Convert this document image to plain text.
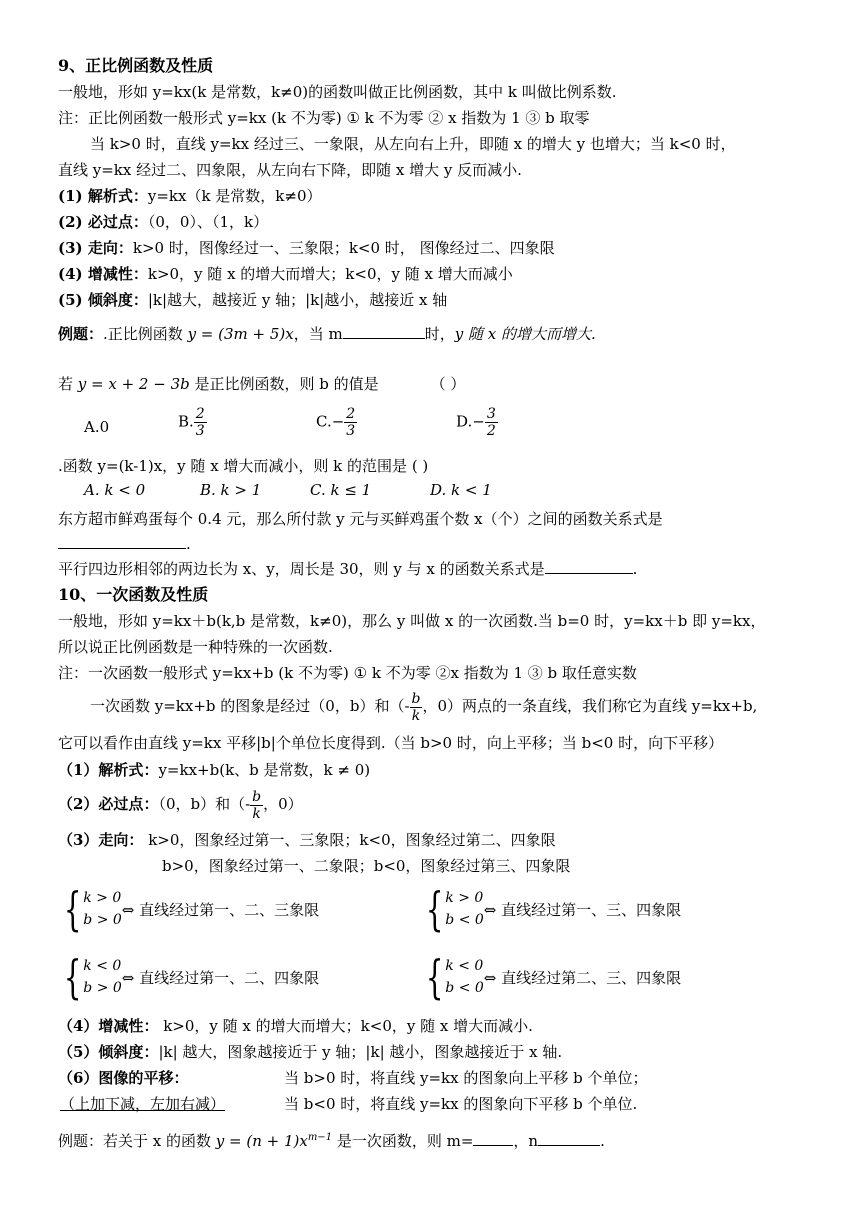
9、正比例函数及性质
一般地，形如 y=kx(k 是常数，k≠0)的函数叫做正比例函数，其中 k 叫做比例系数.
注：正比例函数一般形式 y=kx (k 不为零) ① k 不为零 ② x 指数为 1 ③ b 取零
当 k>0 时，直线 y=kx 经过三、一象限，从左向右上升，即随 x 的增大 y 也增大；当 k<0 时，
直线 y=kx 经过二、四象限，从左向右下降，即随 x 增大 y 反而减小.
(1) 解析式：y=kx（k 是常数，k≠0）
(2) 必过点：（0，0）、（1，k）
(3) 走向：k>0 时，图像经过一、三象限；k<0 时， 图像经过二、四象限
(4) 增减性：k>0，y 随 x 的增大而增大；k<0，y 随 x 增大而减小
(5) 倾斜度：|k|越大，越接近 y 轴；|k|越小，越接近 x 轴
例题：.正比例函数 y = (3m + 5)x，当 m	时，y 随 x 的增大而增大.
若 y = x + 2 − 3b 是正比例函数，则 b 的值是	（ ）
A.0	B. $\frac{2}{3}$	$C.- \frac{2}{3}$	$D.- \frac{3}{2}$
.函数 y=(k-1)x，y 随 x 增大而减小，则 k 的范围是 ( )
A. k < 0	B. k > 1	C. k ≤ 1	D. k < 1
东方超市鲜鸡蛋每个 0.4 元，那么所付款 y 元与买鲜鸡蛋个数 x（个）之间的函数关系式是
.
平行四边形相邻的两边长为 x、y，周长是 30，则 y 与 x 的函数关系式是	.
10、一次函数及性质
一般地，形如 y=kx＋b(k,b 是常数，k≠0)，那么 y 叫做 x 的一次函数.当 b=0 时，y=kx＋b 即 y=kx，
所以说正比例函数是一种特殊的一次函数.
注：一次函数一般形式 y=kx+b (k 不为零) ① k 不为零 ②x 指数为 1 ③ b 取任意实数
一次函数 y=kx+b 的图象是经过（0，b）和（- $\frac{b}{k}$ ，0）两点的一条直线，我们称它为直线 y=kx+b,
它可以看作由直线 y=kx 平移|b|个单位长度得到.（当 b>0 时，向上平移；当 b<0 时，向下平移）
（1）解析式：y=kx+b(k、b 是常数，k ≠ 0)
（2）必过点：（0，b）和（- $\frac{b}{k}$ ，0）
（3）走向： k>0，图象经过第一、三象限；k<0，图象经过第二、四象限
b>0，图象经过第一、二象限；b<0，图象经过第三、四象限
{ k > 0
b > 0
⇔ 直线经过第一、二、三象限 { k > 0
b < 0
⇔ 直线经过第一、三、四象限
{ k < 0
b > 0
⇔ 直线经过第一、二、四象限 { k < 0
b < 0
⇔ 直线经过第二、三、四象限
（4）增减性： k>0，y 随 x 的增大而增大；k<0，y 随 x 增大而减小.
（5）倾斜度：|k| 越大，图象越接近于 y 轴；|k| 越小，图象越接近于 x 轴.
（6）图像的平移：	当 b>0 时，将直线 y=kx 的图象向上平移 b 个单位；
（上加下减，左加右减）	当 b<0 时，将直线 y=kx 的图象向下平移 b 个单位.
例题：若关于 x 的函数 $y = (n + 1)x^{m-1}$ 是一次函数，则 m=	，n	.
